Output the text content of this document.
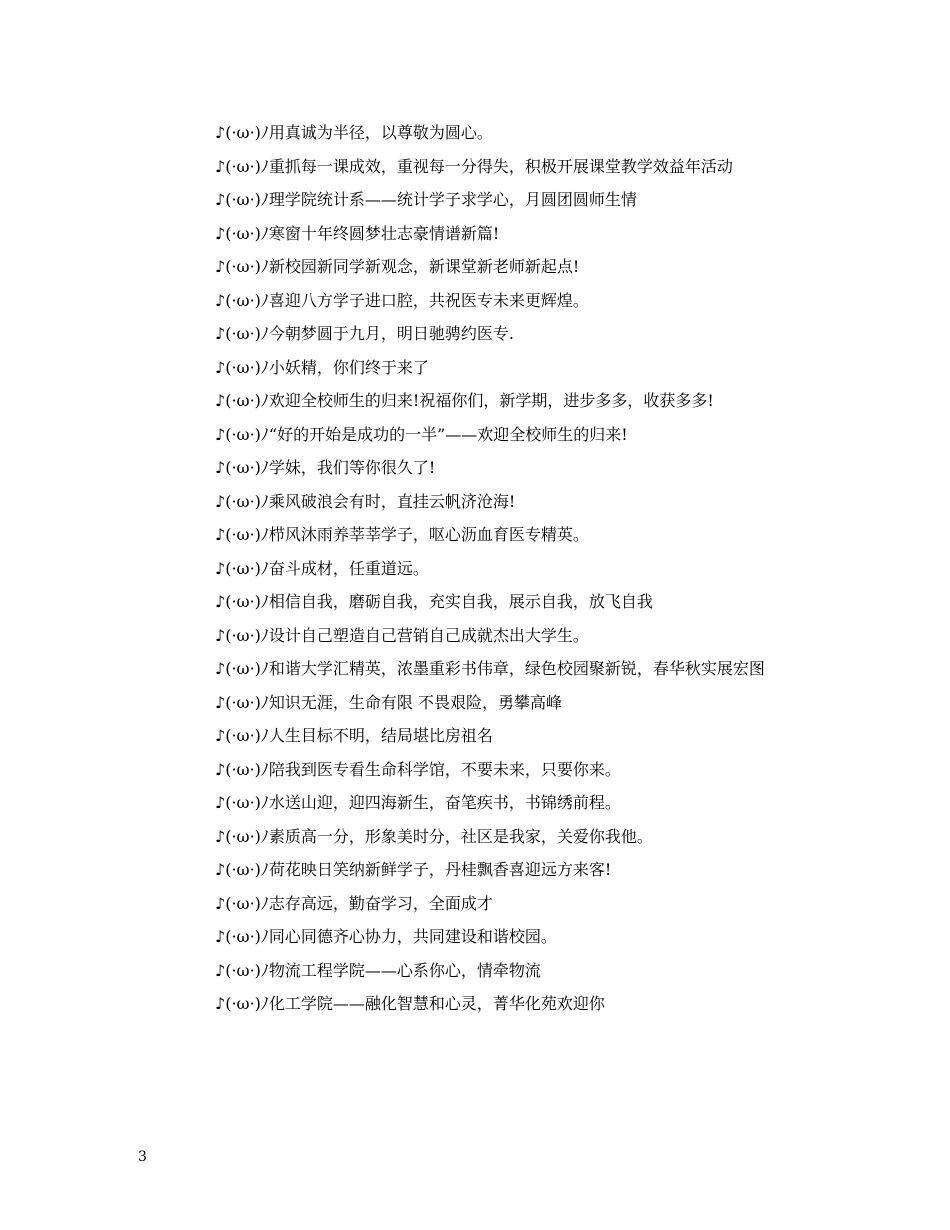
♪(·ω·)ﾉ用真诚为半径，以尊敬为圆心。

♪(·ω·)ﾉ重抓每一课成效，重视每一分得失，积极开展课堂教学效益年活动

♪(·ω·)ﾉ理学院统计系——统计学子求学心，月圆团圆师生情

♪(·ω·)ﾉ寒窗十年终圆梦壮志豪情谱新篇!

♪(·ω·)ﾉ新校园新同学新观念，新课堂新老师新起点!

♪(·ω·)ﾉ喜迎八方学子进口腔，共祝医专未来更辉煌。

♪(·ω·)ﾉ今朝梦圆于九月，明日驰骋约医专.

♪(·ω·)ﾉ小妖精，你们终于来了

♪(·ω·)ﾉ欢迎全校师生的归来!祝福你们，新学期，进步多多，收获多多!

♪(·ω·)ﾉ“好的开始是成功的一半”——欢迎全校师生的归来!

♪(·ω·)ﾉ学妹，我们等你很久了!

♪(·ω·)ﾉ乘风破浪会有时，直挂云帆济沧海!

♪(·ω·)ﾉ栉风沐雨养莘莘学子，呕心沥血育医专精英。

♪(·ω·)ﾉ奋斗成材，任重道远。

♪(·ω·)ﾉ相信自我，磨砺自我，充实自我，展示自我，放飞自我

♪(·ω·)ﾉ设计自己塑造自己营销自己成就杰出大学生。

♪(·ω·)ﾉ和谐大学汇精英，浓墨重彩书伟章，绿色校园聚新锐，春华秋实展宏图

♪(·ω·)ﾉ知识无涯，生命有限 不畏艰险，勇攀高峰

♪(·ω·)ﾉ人生目标不明，结局堪比房祖名

♪(·ω·)ﾉ陪我到医专看生命科学馆，不要未来，只要你来。

♪(·ω·)ﾉ水送山迎，迎四海新生，奋笔疾书，书锦绣前程。

♪(·ω·)ﾉ素质高一分，形象美时分，社区是我家，关爱你我他。

♪(·ω·)ﾉ荷花映日笑纳新鲜学子，丹桂飘香喜迎远方来客!

♪(·ω·)ﾉ志存高远，勤奋学习，全面成才

♪(·ω·)ﾉ同心同德齐心协力，共同建设和谐校园。

♪(·ω·)ﾉ物流工程学院——心系你心，情牵物流

♪(·ω·)ﾉ化工学院——融化智慧和心灵，菁华化苑欢迎你

3
